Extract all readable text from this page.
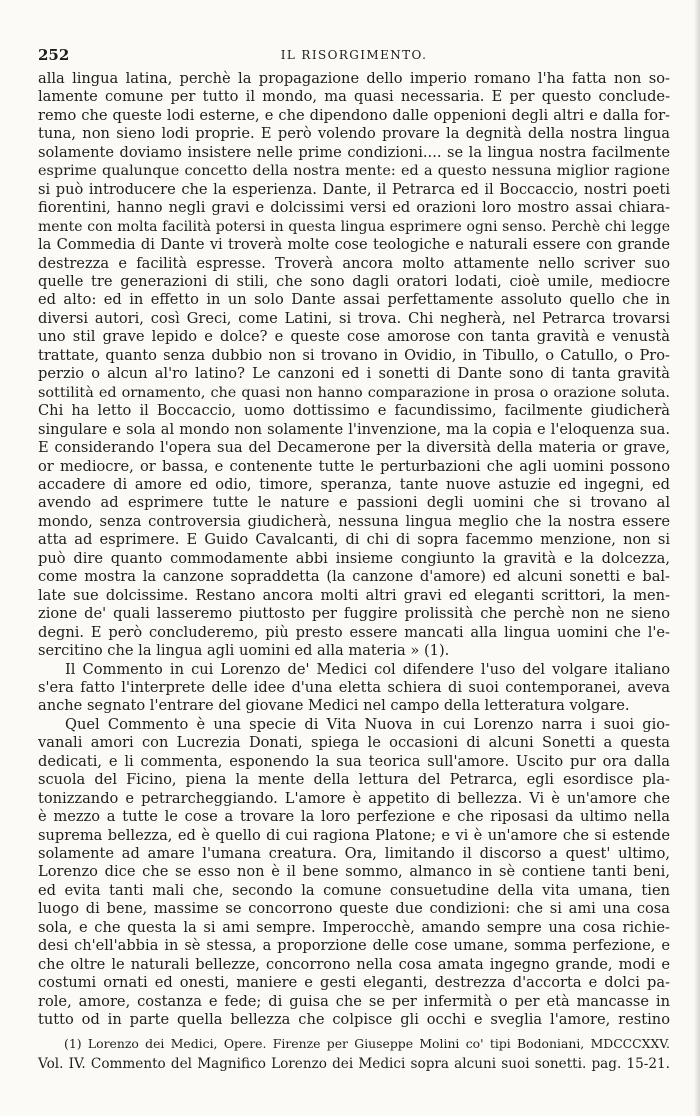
252	IL RISORGIMENTO.
alla lingua latina, perchè la propagazione dello imperio romano l'ha fatta non so-
lamente comune per tutto il mondo, ma quasi necessaria. E per questo conclude-
remo che queste lodi esterne, e che dipendono dalle oppenioni degli altri e dalla for-
tuna, non sieno lodi proprie. E però volendo provare la degnità della nostra lingua
solamente doviamo insistere nelle prime condizioni.... se la lingua nostra facilmente
esprime qualunque concetto della nostra mente: ed a questo nessuna miglior ragione
si può introducere che la esperienza. Dante, il Petrarca ed il Boccaccio, nostri poeti
fiorentini, hanno negli gravi e dolcissimi versi ed orazioni loro mostro assai chiara-
mente con molta facilità potersi in questa lingua esprimere ogni senso. Perchè chi legge
la Commedia di Dante vi troverà molte cose teologiche e naturali essere con grande
destrezza e facilità espresse. Troverà ancora molto attamente nello scriver suo
quelle tre generazioni di stili, che sono dagli oratori lodati, cioè umile, mediocre
ed alto: ed in effetto in un solo Dante assai perfettamente assoluto quello che in
diversi autori, così Greci, come Latini, si trova. Chi negherà, nel Petrarca trovarsi
uno stil grave lepido e dolce? e queste cose amorose con tanta gravità e venustà
trattate, quanto senza dubbio non si trovano in Ovidio, in Tibullo, o Catullo, o Pro-
perzio o alcun al'ro latino? Le canzoni ed i sonetti di Dante sono di tanta gravità
sottilità ed ornamento, che quasi non hanno comparazione in prosa o orazione soluta.
Chi ha letto il Boccaccio, uomo dottissimo e facundissimo, facilmente giudicherà
singulare e sola al mondo non solamente l'invenzione, ma la copia e l'eloquenza sua.
E considerando l'opera sua del Decamerone per la diversità della materia or grave,
or mediocre, or bassa, e contenente tutte le perturbazioni che agli uomini possono
accadere di amore ed odio, timore, speranza, tante nuove astuzie ed ingegni, ed
avendo ad esprimere tutte le nature e passioni degli uomini che si trovano al
mondo, senza controversia giudicherà, nessuna lingua meglio che la nostra essere
atta ad esprimere. E Guido Cavalcanti, di chi di sopra facemmo menzione, non si
può dire quanto commodamente abbi insieme congiunto la gravità e la dolcezza,
come mostra la canzone sopraddetta (la canzone d'amore) ed alcuni sonetti e bal-
late sue dolcissime. Restano ancora molti altri gravi ed eleganti scrittori, la men-
zione de' quali lasseremo piuttosto per fuggire prolissità che perchè non ne sieno
degni. E però concluderemo, più presto essere mancati alla lingua uomini che l'e-
sercitino che la lingua agli uomini ed alla materia » (1).
Il Commento in cui Lorenzo de' Medici col difendere l'uso del volgare italiano
s'era fatto l'interprete delle idee d'una eletta schiera di suoi contemporanei, aveva
anche segnato l'entrare del giovane Medici nel campo della letteratura volgare.
Quel Commento è una specie di Vita Nuova in cui Lorenzo narra i suoi gio-
vanali amori con Lucrezia Donati, spiega le occasioni di alcuni Sonetti a questa
dedicati, e li commenta, esponendo la sua teorica sull'amore. Uscito pur ora dalla
scuola del Ficino, piena la mente della lettura del Petrarca, egli esordisce pla-
tonizzando e petrarcheggiando. L'amore è appetito di bellezza. Vi è un'amore che
è mezzo a tutte le cose a trovare la loro perfezione e che riposasi da ultimo nella
suprema bellezza, ed è quello di cui ragiona Platone; e vi è un'amore che si estende
solamente ad amare l'umana creatura. Ora, limitando il discorso a quest' ultimo,
Lorenzo dice che se esso non è il bene sommo, almanco in sè contiene tanti beni,
ed evita tanti mali che, secondo la comune consuetudine della vita umana, tien
luogo di bene, massime se concorrono queste due condizioni: che si ami una cosa
sola, e che questa la si ami sempre. Imperocchè, amando sempre una cosa richie-
desi ch'ell'abbia in sè stessa, a proporzione delle cose umane, somma perfezione, e
che oltre le naturali bellezze, concorrono nella cosa amata ingegno grande, modi e
costumi ornati ed onesti, maniere e gesti eleganti, destrezza d'accorta e dolci pa-
role, amore, costanza e fede; di guisa che se per infermità o per età mancasse in
tutto od in parte quella bellezza che colpisce gli occhi e sveglia l'amore, restino
(1) Lorenzo dei Medici, Opere. Firenze per Giuseppe Molini co' tipi Bodoniani, MDCCCXXV.
Vol. IV. Commento del Magnifico Lorenzo dei Medici sopra alcuni suoi sonetti. pag. 15-21.
